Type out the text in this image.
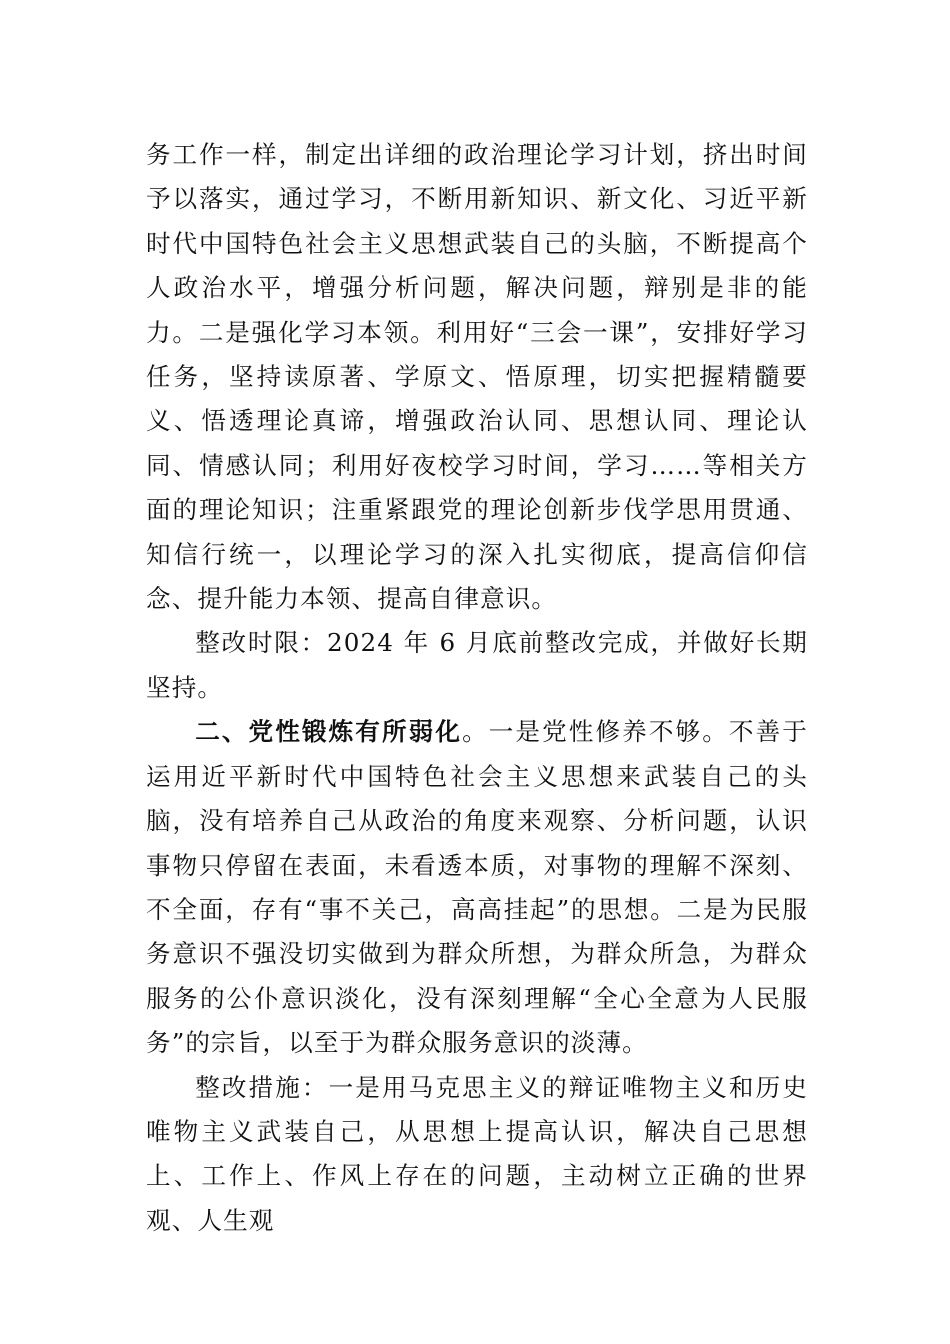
务工作一样，制定出详细的政治理论学习计划，挤出时间予以落实，通过学习，不断用新知识、新文化、习近平新时代中国特色社会主义思想武装自己的头脑，不断提高个人政治水平，增强分析问题，解决问题，辩别是非的能力。二是强化学习本领。利用好“三会一课”，安排好学习任务，坚持读原著、学原文、悟原理，切实把握精髓要义、悟透理论真谛，增强政治认同、思想认同、理论认同、情感认同；利用好夜校学习时间，学习……等相关方面的理论知识；注重紧跟党的理论创新步伐学思用贯通、知信行统一，以理论学习的深入扎实彻底，提高信仰信念、提升能力本领、提高自律意识。

整改时限：2024 年 6 月底前整改完成，并做好长期坚持。

二、党性锻炼有所弱化。一是党性修养不够。不善于运用近平新时代中国特色社会主义思想来武装自己的头脑，没有培养自己从政治的角度来观察、分析问题，认识事物只停留在表面，未看透本质，对事物的理解不深刻、不全面，存有“事不关己，高高挂起”的思想。二是为民服务意识不强没切实做到为群众所想，为群众所急，为群众服务的公仆意识淡化，没有深刻理解“全心全意为人民服务”的宗旨，以至于为群众服务意识的淡薄。

整改措施：一是用马克思主义的辩证唯物主义和历史唯物主义武装自己，从思想上提高认识，解决自己思想上、工作上、作风上存在的问题，主动树立正确的世界观、人生观
